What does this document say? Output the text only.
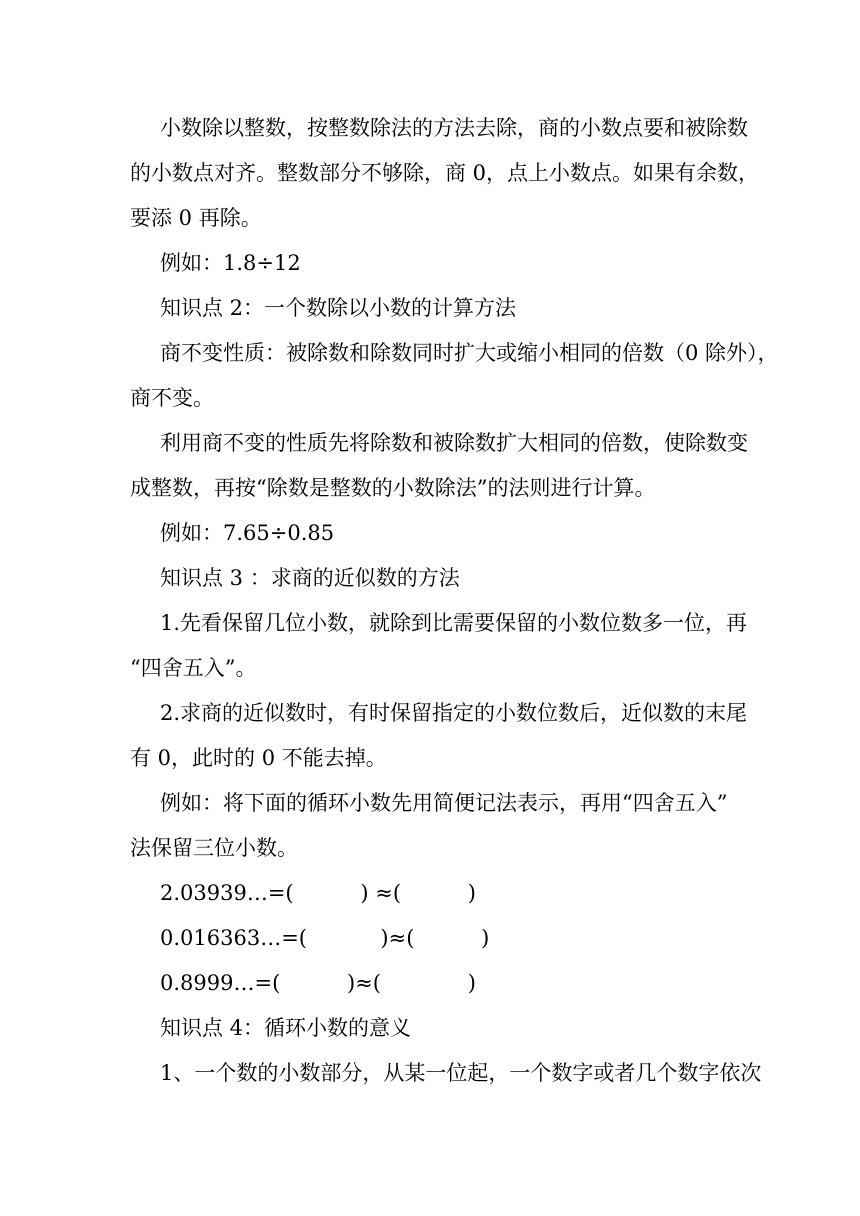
小数除以整数，按整数除法的方法去除，商的小数点要和被除数
的小数点对齐。整数部分不够除，商 0，点上小数点。如果有余数，
要添 0 再除。
例如：1.8÷12
知识点 2：一个数除以小数的计算方法
商不变性质：被除数和除数同时扩大或缩小相同的倍数（0 除外），
商不变。
利用商不变的性质先将除数和被除数扩大相同的倍数，使除数变
成整数，再按“除数是整数的小数除法”的法则进行计算。
例如：7.65÷0.85
知识点 3 ：求商的近似数的方法
1.先看保留几位小数，就除到比需要保留的小数位数多一位，再
“四舍五入”。
2.求商的近似数时，有时保留指定的小数位数后，近似数的末尾
有 0，此时的 0 不能去掉。
例如：将下面的循环小数先用简便记法表示，再用“四舍五入”
法保留三位小数。
2.03939…=(          ) ≈(          )
0.016363…=(           )≈(          )
0.8999…=(          )≈(             )
知识点 4：循环小数的意义
1、一个数的小数部分，从某一位起，一个数字或者几个数字依次
